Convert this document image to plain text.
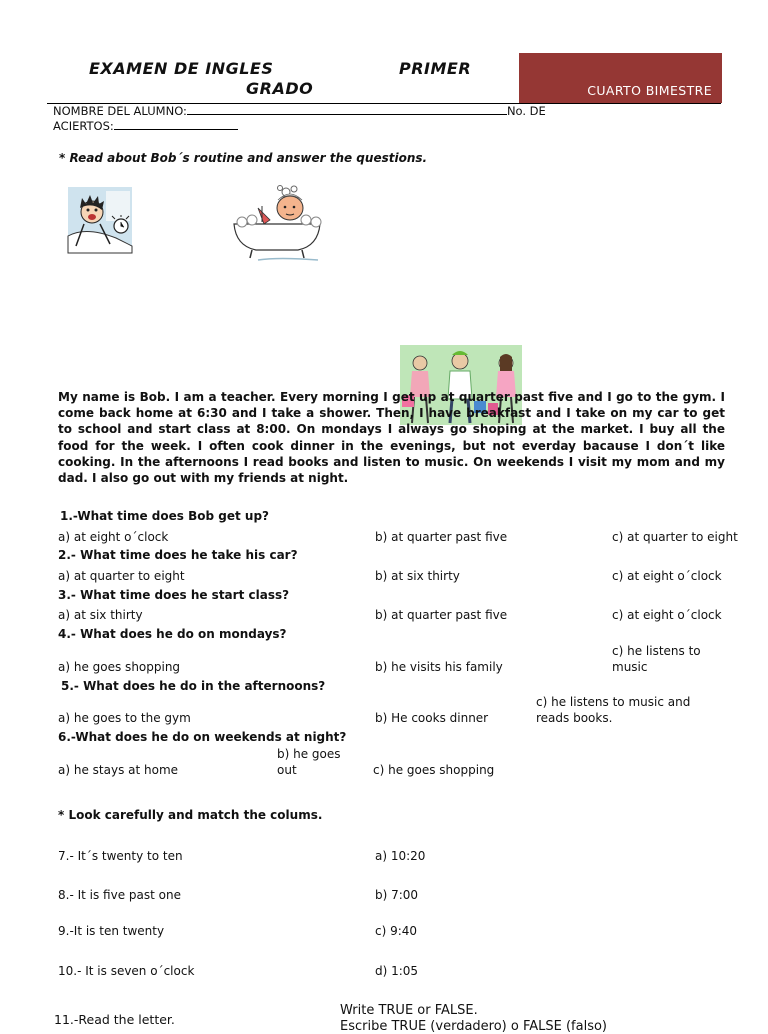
EXAMEN DE INGLES	PRIMER
GRADO	CUARTO BIMESTRE
NOMBRE DEL ALUMNO:	No. DE
ACIERTOS:
* Read about Bob´s routine and answer the questions.
My name is Bob. I am a teacher. Every morning I get up at quarter past five and I go to the gym. I come back home at 6:30 and I take a shower. Then, I have breakfast and I take on my car to get to school and start class at 8:00. On mondays I always go shoping at the market. I buy all the food for the week. I often cook dinner in the evenings, but not everday bacause I don´t like cooking. In the afternoons I read books and listen to music. On weekends I visit my mom and my dad. I also go out with my friends at night.
1.-What time does Bob get up?
a) at eight o´clock	b) at quarter past five	c) at quarter to eight
2.- What time does he take his car?
a) at quarter to eight	b) at six thirty	c) at eight o´clock
3.- What time does he start class?
a) at six thirty	b) at quarter past five	c) at eight o´clock
4.- What does he do on mondays?
a) he goes shopping	b) he visits his family
c) he listens to music
5.- What does he do in the afternoons?
a) he goes to the gym	b) He cooks dinner
c) he listens to music and reads books.
6.-What does he do on weekends at night?
a) he stays at home
b) he goes out	c) he goes shopping
* Look carefully and match the colums.
7.- It´s twenty to ten	a) 10:20
8.- It is five past one	b) 7:00
9.-It is ten twenty	c) 9:40
10.- It is seven o´clock	d) 1:05
11.-Read the letter.
Write TRUE or FALSE.
Escribe TRUE (verdadero) o FALSE (falso)
